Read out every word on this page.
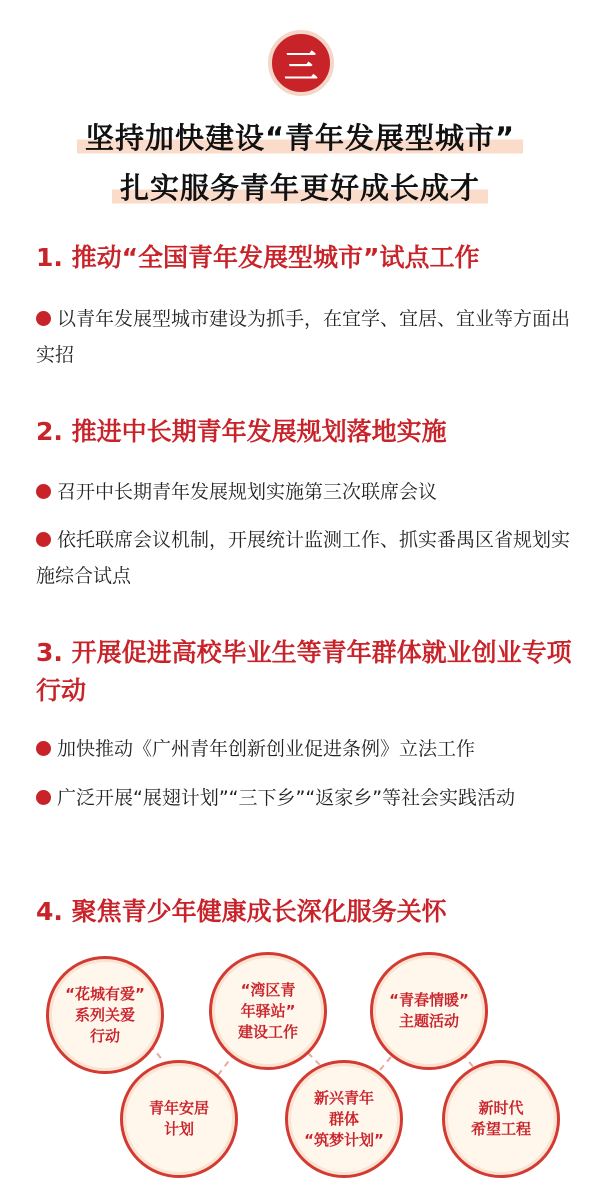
三
坚持加快建设“青年发展型城市”
扎实服务青年更好成长成才
1. 推动“全国青年发展型城市”试点工作
以青年发展型城市建设为抓手，在宜学、宜居、宜业等方面出实招
2. 推进中长期青年发展规划落地实施
召开中长期青年发展规划实施第三次联席会议
依托联席会议机制，开展统计监测工作、抓实番禺区省规划实施综合试点
3. 开展促进高校毕业生等青年群体就业创业专项行动
加快推动《广州青年创新创业促进条例》立法工作
广泛开展“展翅计划”“三下乡”“返家乡”等社会实践活动
4. 聚焦青少年健康成长深化服务关怀
“花城有爱”
系列关爱
行动
青年安居
计划
“湾区青
年驿站”
建设工作
新兴青年
群体
“筑梦计划”
“青春情暖”
主题活动
新时代
希望工程
